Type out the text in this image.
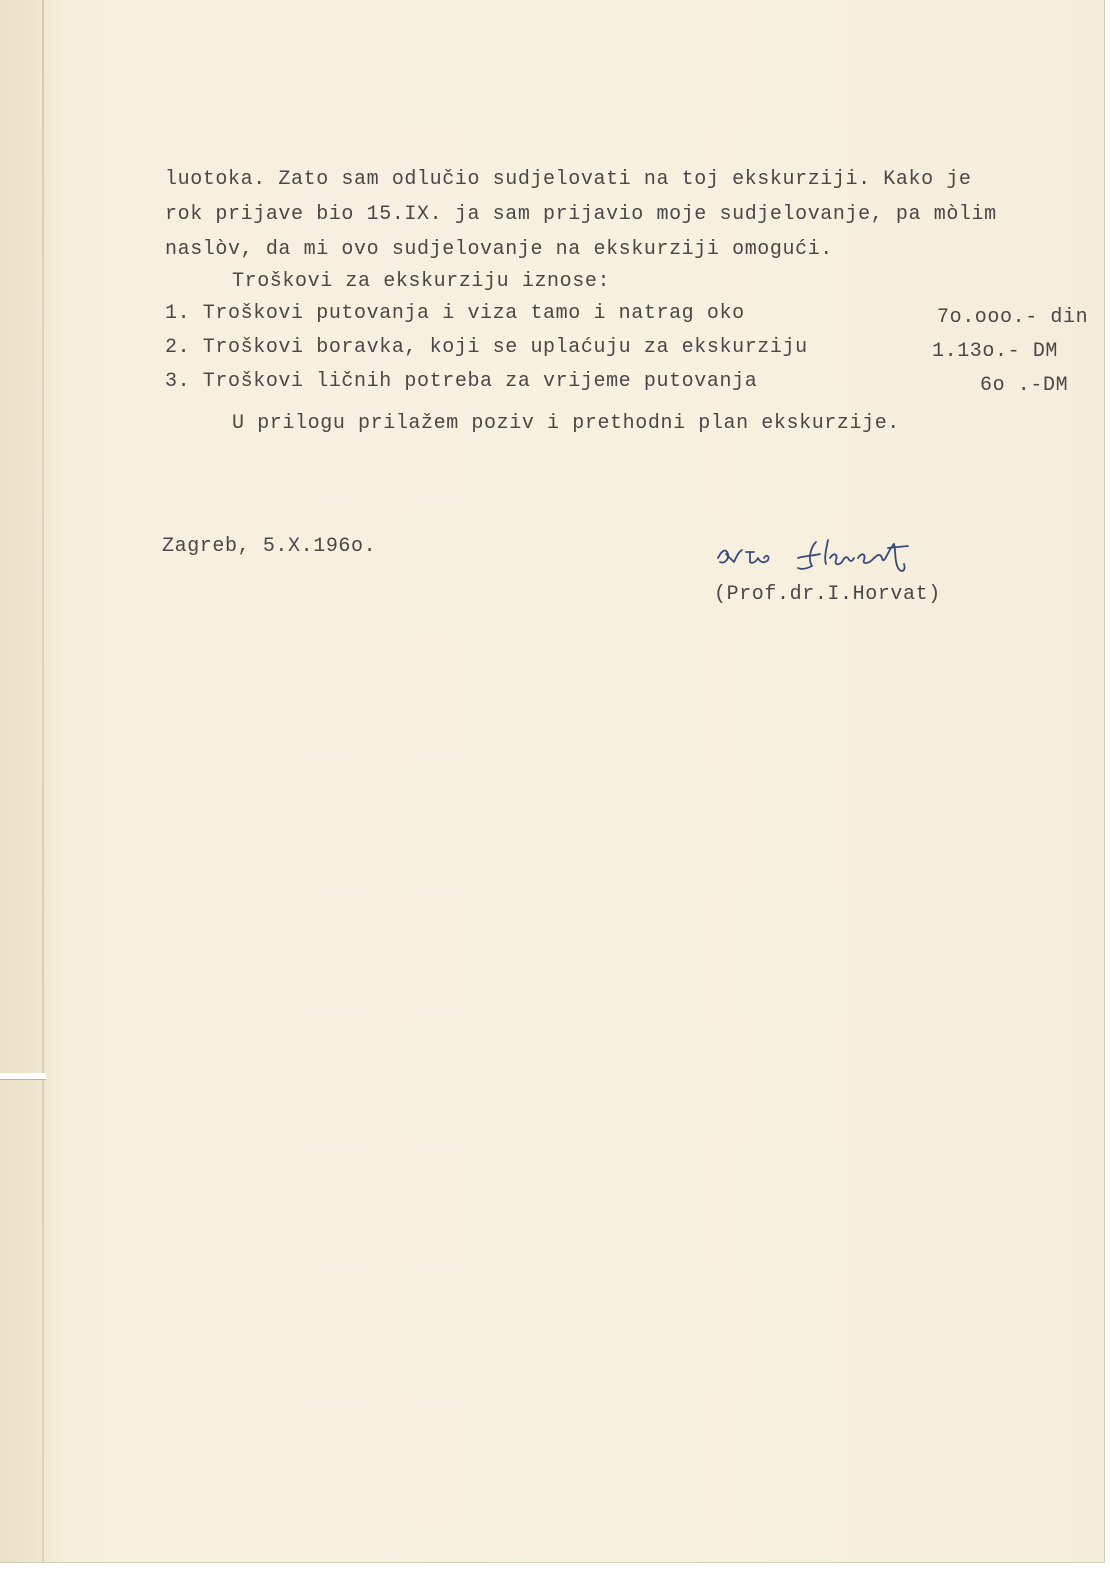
luotoka. Zato sam odlučio sudjelovati na toj ekskurziji. Kako je
rok prijave bio 15.IX. ja sam prijavio moje sudjelovanje, pa mòlim
naslòv, da mi ovo sudjelovanje na ekskurziji omogući.
Troškovi za ekskurziju iznose:
1. Troškovi putovanja i viza tamo i natrag oko	7o.ooo.- din
2. Troškovi boravka, koji se uplaćuju za ekskurziju	1.13o.- DM
3. Troškovi ličnih potreba za vrijeme putovanja	6o .-DM
U prilogu prilažem poziv i prethodni plan ekskurzije.
Zagreb, 5.X.196o.
(Prof.dr.I.Horvat)
